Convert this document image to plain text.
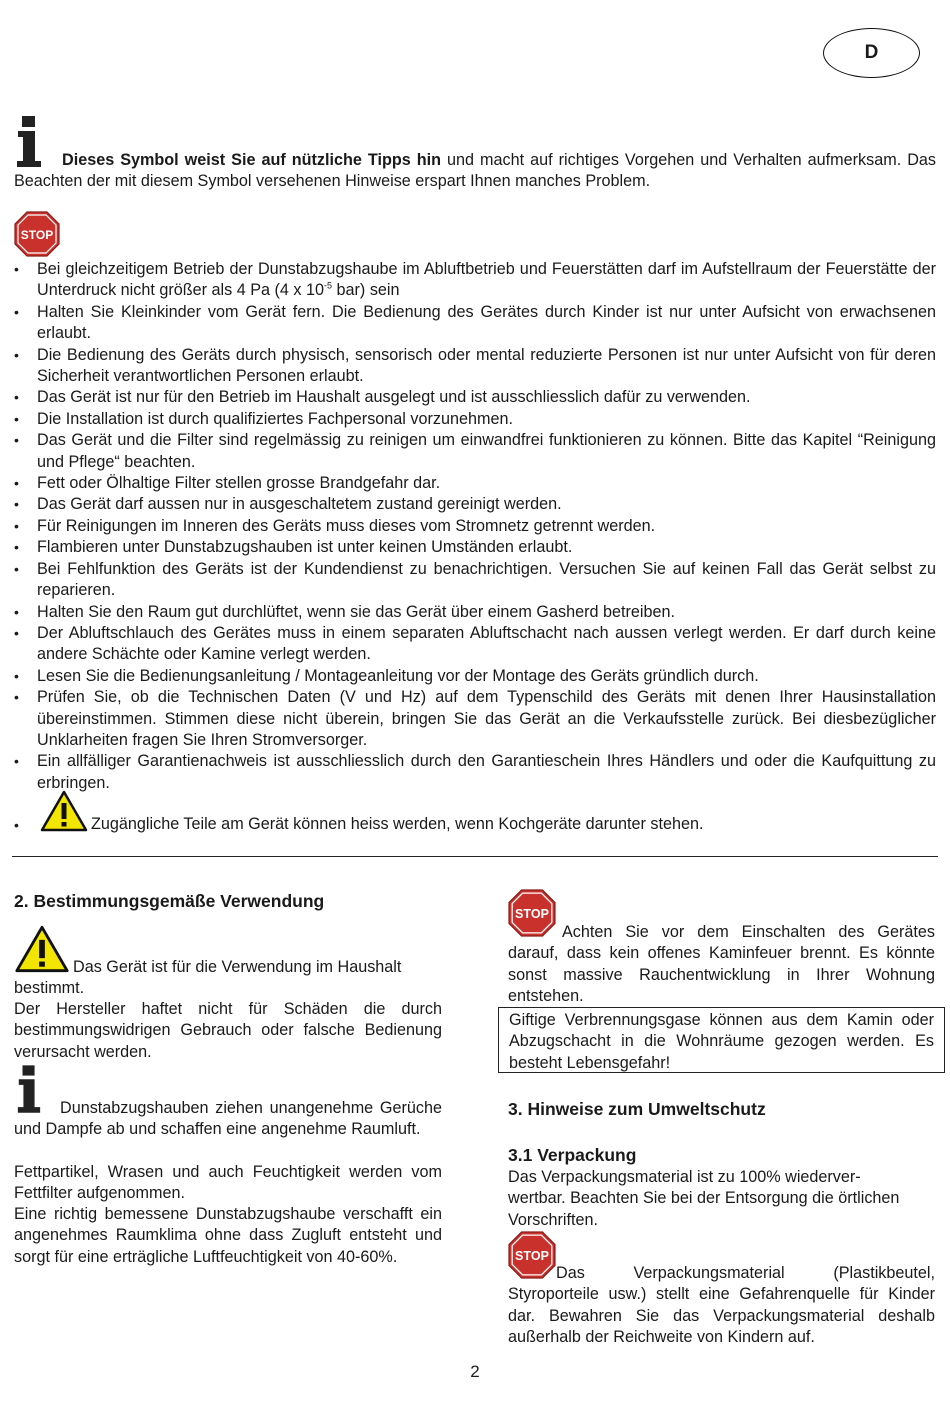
D
Dieses Symbol weist Sie auf nützliche Tipps hin und macht auf richtiges Vorgehen und Verhalten aufmerksam. Das Beachten der mit diesem Symbol versehenen Hinweise erspart Ihnen manches Problem.
STOP
• Bei gleichzeitigem Betrieb der Dunstabzugshaube im Abluftbetrieb und Feuerstätten darf im Aufstellraum der Feuerstätte der Unterdruck nicht größer als 4 Pa (4 x $10^{-5}$ bar) sein
• Halten Sie Kleinkinder vom Gerät fern. Die Bedienung des Gerätes durch Kinder ist nur unter Aufsicht von erwachsenen erlaubt.
• Die Bedienung des Geräts durch physisch, sensorisch oder mental reduzierte Personen ist nur unter Aufsicht von für deren Sicherheit verantwortlichen Personen erlaubt.
• Das Gerät ist nur für den Betrieb im Haushalt ausgelegt und ist ausschliesslich dafür zu verwenden.
• Die Installation ist durch qualifiziertes Fachpersonal vorzunehmen.
• Das Gerät und die Filter sind regelmässig zu reinigen um einwandfrei funktionieren zu können. Bitte das Kapitel “Reinigung und Pflege“ beachten.
• Fett oder Ölhaltige Filter stellen grosse Brandgefahr dar.
• Das Gerät darf aussen nur in ausgeschaltetem zustand gereinigt werden.
• Für Reinigungen im Inneren des Geräts muss dieses vom Stromnetz getrennt werden.
• Flambieren unter Dunstabzugshauben ist unter keinen Umständen erlaubt.
• Bei Fehlfunktion des Geräts ist der Kundendienst zu benachrichtigen. Versuchen Sie auf keinen Fall das Gerät selbst zu reparieren.
• Halten Sie den Raum gut durchlüftet, wenn sie das Gerät über einem Gasherd betreiben.
• Der Abluftschlauch des Gerätes muss in einem separaten Abluftschacht nach aussen verlegt werden. Er darf durch keine andere Schächte oder Kamine verlegt werden.
• Lesen Sie die Bedienungsanleitung / Montageanleitung vor der Montage des Geräts gründlich durch.
• Prüfen Sie, ob die Technischen Daten (V und Hz) auf dem Typenschild des Geräts mit denen Ihrer Hausinstallation übereinstimmen. Stimmen diese nicht überein, bringen Sie das Gerät an die Verkaufsstelle zurück. Bei diesbezüglicher Unklarheiten fragen Sie Ihren Stromversorger.
• Ein allfälliger Garantienachweis ist ausschliesslich durch den Garantieschein Ihres Händlers und oder die Kaufquittung zu erbringen.
•	Zugängliche Teile am Gerät können heiss werden, wenn Kochgeräte darunter stehen.
2. Bestimmungsgemäße Verwendung
Das Gerät ist für die Verwendung im Haushalt bestimmt.
Der Hersteller haftet nicht für Schäden die durch bestimmungswidrigen Gebrauch oder falsche Bedienung verursacht werden.
Dunstabzugshauben ziehen unangenehme Gerüche und Dampfe ab und schaffen eine angenehme Raumluft.
Fettpartikel, Wrasen und auch Feuchtigkeit werden vom Fettfilter aufgenommen.
Eine richtig bemessene Dunstabzugshaube verschafft ein angenehmes Raumklima ohne dass Zugluft entsteht und sorgt für eine erträgliche Luftfeuchtigkeit von 40-60%.
STOP
Achten Sie vor dem Einschalten des Gerätes darauf, dass kein offenes Kaminfeuer brennt. Es könnte sonst massive Rauchentwicklung in Ihrer Wohnung entstehen.
Giftige Verbrennungsgase können aus dem Kamin oder Abzugschacht in die Wohnräume gezogen werden. Es besteht Lebensgefahr!
3. Hinweise zum Umweltschutz
3.1 Verpackung
Das Verpackungsmaterial ist zu 100% wiederver-wertbar. Beachten Sie bei der Entsorgung die örtlichen Vorschriften.
STOP
Das Verpackungsmaterial (Plastikbeutel, Styroporteile usw.) stellt eine Gefahrenquelle für Kinder dar. Bewahren Sie das Verpackungsmaterial deshalb außerhalb der Reichweite von Kindern auf.
2
